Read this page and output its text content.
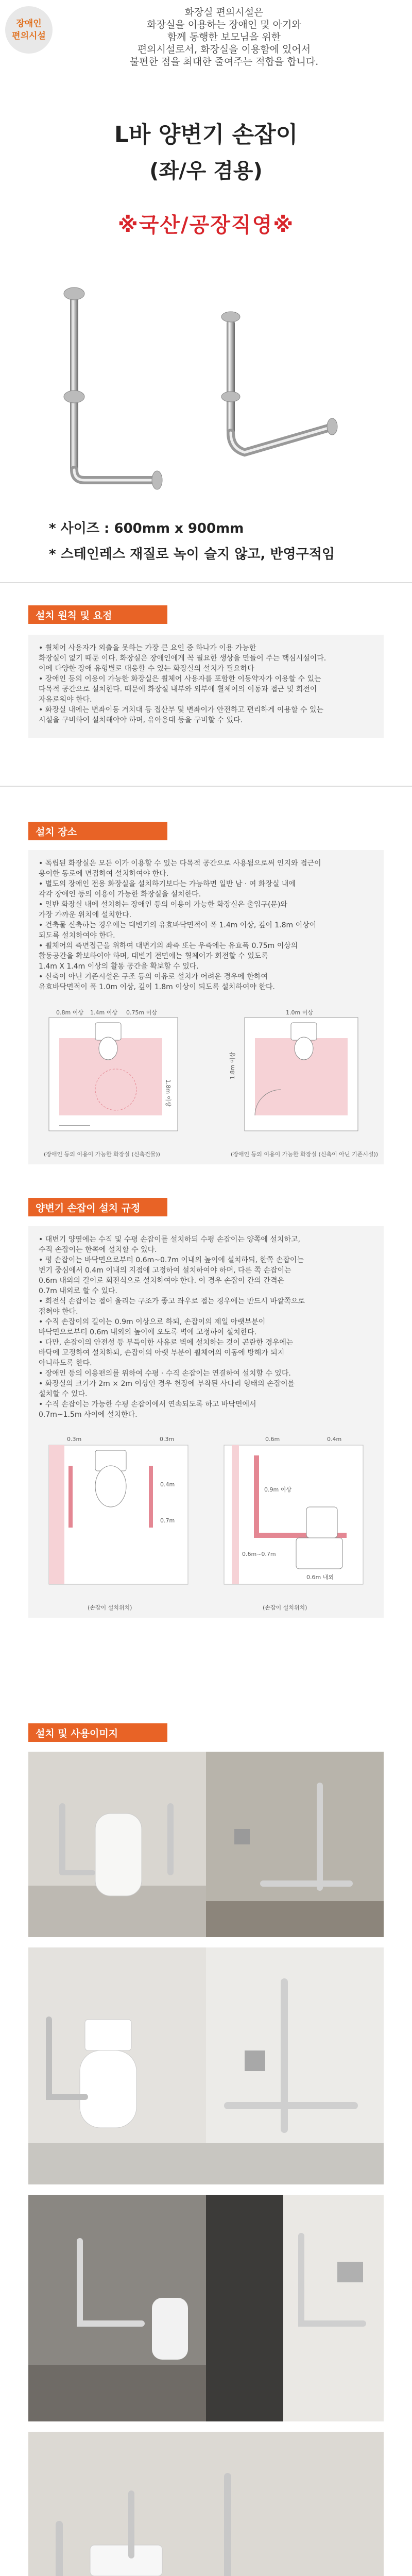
장애인
편의시설
화장실 편의시설은
화장실을 이용하는 장애인 및 아기와
함께 동행한 보모님을 위한
편의시설로서, 화장실을 이용함에 있어서
불편한 점을 최대한 줄여주는 적합을 합니다.
L바 양변기 손잡이
(좌/우 겸용)
※국산/공장직영※
* 사이즈 : 600mm x 900mm
* 스테인레스 재질로 녹이 슬지 않고, 반영구적임
설치 원칙 및 요점
• 휠체어 사용자가 외출을 못하는 가장 큰 요인 중 하나가 이용 가능한
화장실이 없기 때문 이다. 화장실은 장애인에게 꼭 필요한 생상을 만들어 주는 핵심시설이다.
이에 다양한 장애 유형별로 대응할 수 있는 화장실의 설치가 필요하다
• 장애인 등의 이용이 가능한 화장실은 휠체어 사용자를 포함한 이동약자가 이용할 수 있는
다목적 공간으로 설치한다. 때문에 화장실 내부와 외부에 휠체어의 이동과 접근 및 회전이
자유로워야 한다.
• 화장실 내에는 변좌이동 거치대 등 접산부 및 변좌이가 안전하고 편리하게 이용할 수 있는
시설을 구비하여 설치해야야 하며, 유아용대 등을 구비할 수 있다.
설치 장소
• 독립된 화장실은 모든 이가 이용할 수 있는 다목적 공간으로 사용됨으로써 인지와 접근이
용이한 동로에 면접하여 설치하여야 한다.
• 별도의 장애인 전용 화장실을 설치하기보다는 가능하면 일반 남 · 여 화장실 내에
각각 장애인 등의 이용이 가능한 화장실을 설치한다.
• 일반 화장실 내에 설치하는 장애인 등의 이용이 가능한 화장실은 출입구(문)와
가장 가까운 위치에 설치한다.
• 건축물 신축하는 경우에는 대변기의 유효바닥면적이 폭 1.4m 이상, 깊이 1.8m 이상이
되도록 설치하여야 한다.
• 휠체어의 측면접근을 위하여 대변기의 좌측 또는 우측에는 유효폭 0.75m 이상의
활동공간을 확보하여야 하며, 대변기 전면에는 휠체어가 회전할 수 있도록
1.4m X 1.4m 이상의 활동 공간을 확보할 수 있다.
• 신축이 아닌 기존시설은 구조 등의 이유로 설치가 어려운 경우에 한하여
유효바닥면적이 폭 1.0m 이상, 깊이 1.8m 이상이 되도록 설치하여야 한다.
0.8m 이상 1.4m 이상 0.75m 이상
1.8m 이상
1.0m 이상
1.8m 이상
(장애인 등의 이용이 가능한 화장실 (신축건물))	(장애인 등의 이용이 가능한 화장실 (신축이 아닌 기존시설))
양변기 손잡이 설치 규정
• 대변기 양옆에는 수직 및 수평 손잡이를 설치하되 수평 손잡이는 양쪽에 설치하고,
수직 손잡이는 한쪽에 설치할 수 있다.
• 평 손잡이는 바닥면으로부터 0.6m~0.7m 이내의 높이에 설치하되, 한쪽 손잡이는
변기 중심에서 0.4m 이내의 지점에 고정하여 설치하여야 하며, 다른 쪽 손잡이는
0.6m 내외의 길이로 회전식으로 설치하여야 한다. 이 경우 손잡이 간의 간격은
0.7m 내외로 할 수 있다.
• 회전식 손잡이는 접어 올리는 구조가 좋고 좌우로 접는 경우에는 반드시 바깥쪽으로
접혀야 한다.
• 수직 손잡이의 길이는 0.9m 이상으로 하되, 손잡이의 제일 아랫부분이
바닥면으로부터 0.6m 내외의 높이에 오도록 벽에 고정하여 설치한다.
• 다만, 손잡이의 안전성 등 부득이한 사유로 벽에 설치하는 것이 곤란한 경우에는
바닥에 고정하여 설치하되, 손잡이의 아랫 부분이 휠체어의 이동에 방해가 되지
아니하도록 한다.
• 장애인 등의 이용편의를 위하여 수평 · 수직 손잡이는 연결하여 설치할 수 있다.
• 화장실의 크기가 2m × 2m 이상인 경우 천장에 부착된 사다리 형태의 손잡이를
설치할 수 있다.
• 수직 손잡이는 가능한 수평 손잡이에서 연속되도록 하고 바닥면에서
0.7m~1.5m 사이에 설치한다.
0.3m	0.3m
0.4m
0.7m
0.6m	0.4m
0.9m 이상
0.6m~0.7m
0.6m 내외
(손잡이 설치위치)	(손잡이 설치위치)
설치 및 사용이미지
